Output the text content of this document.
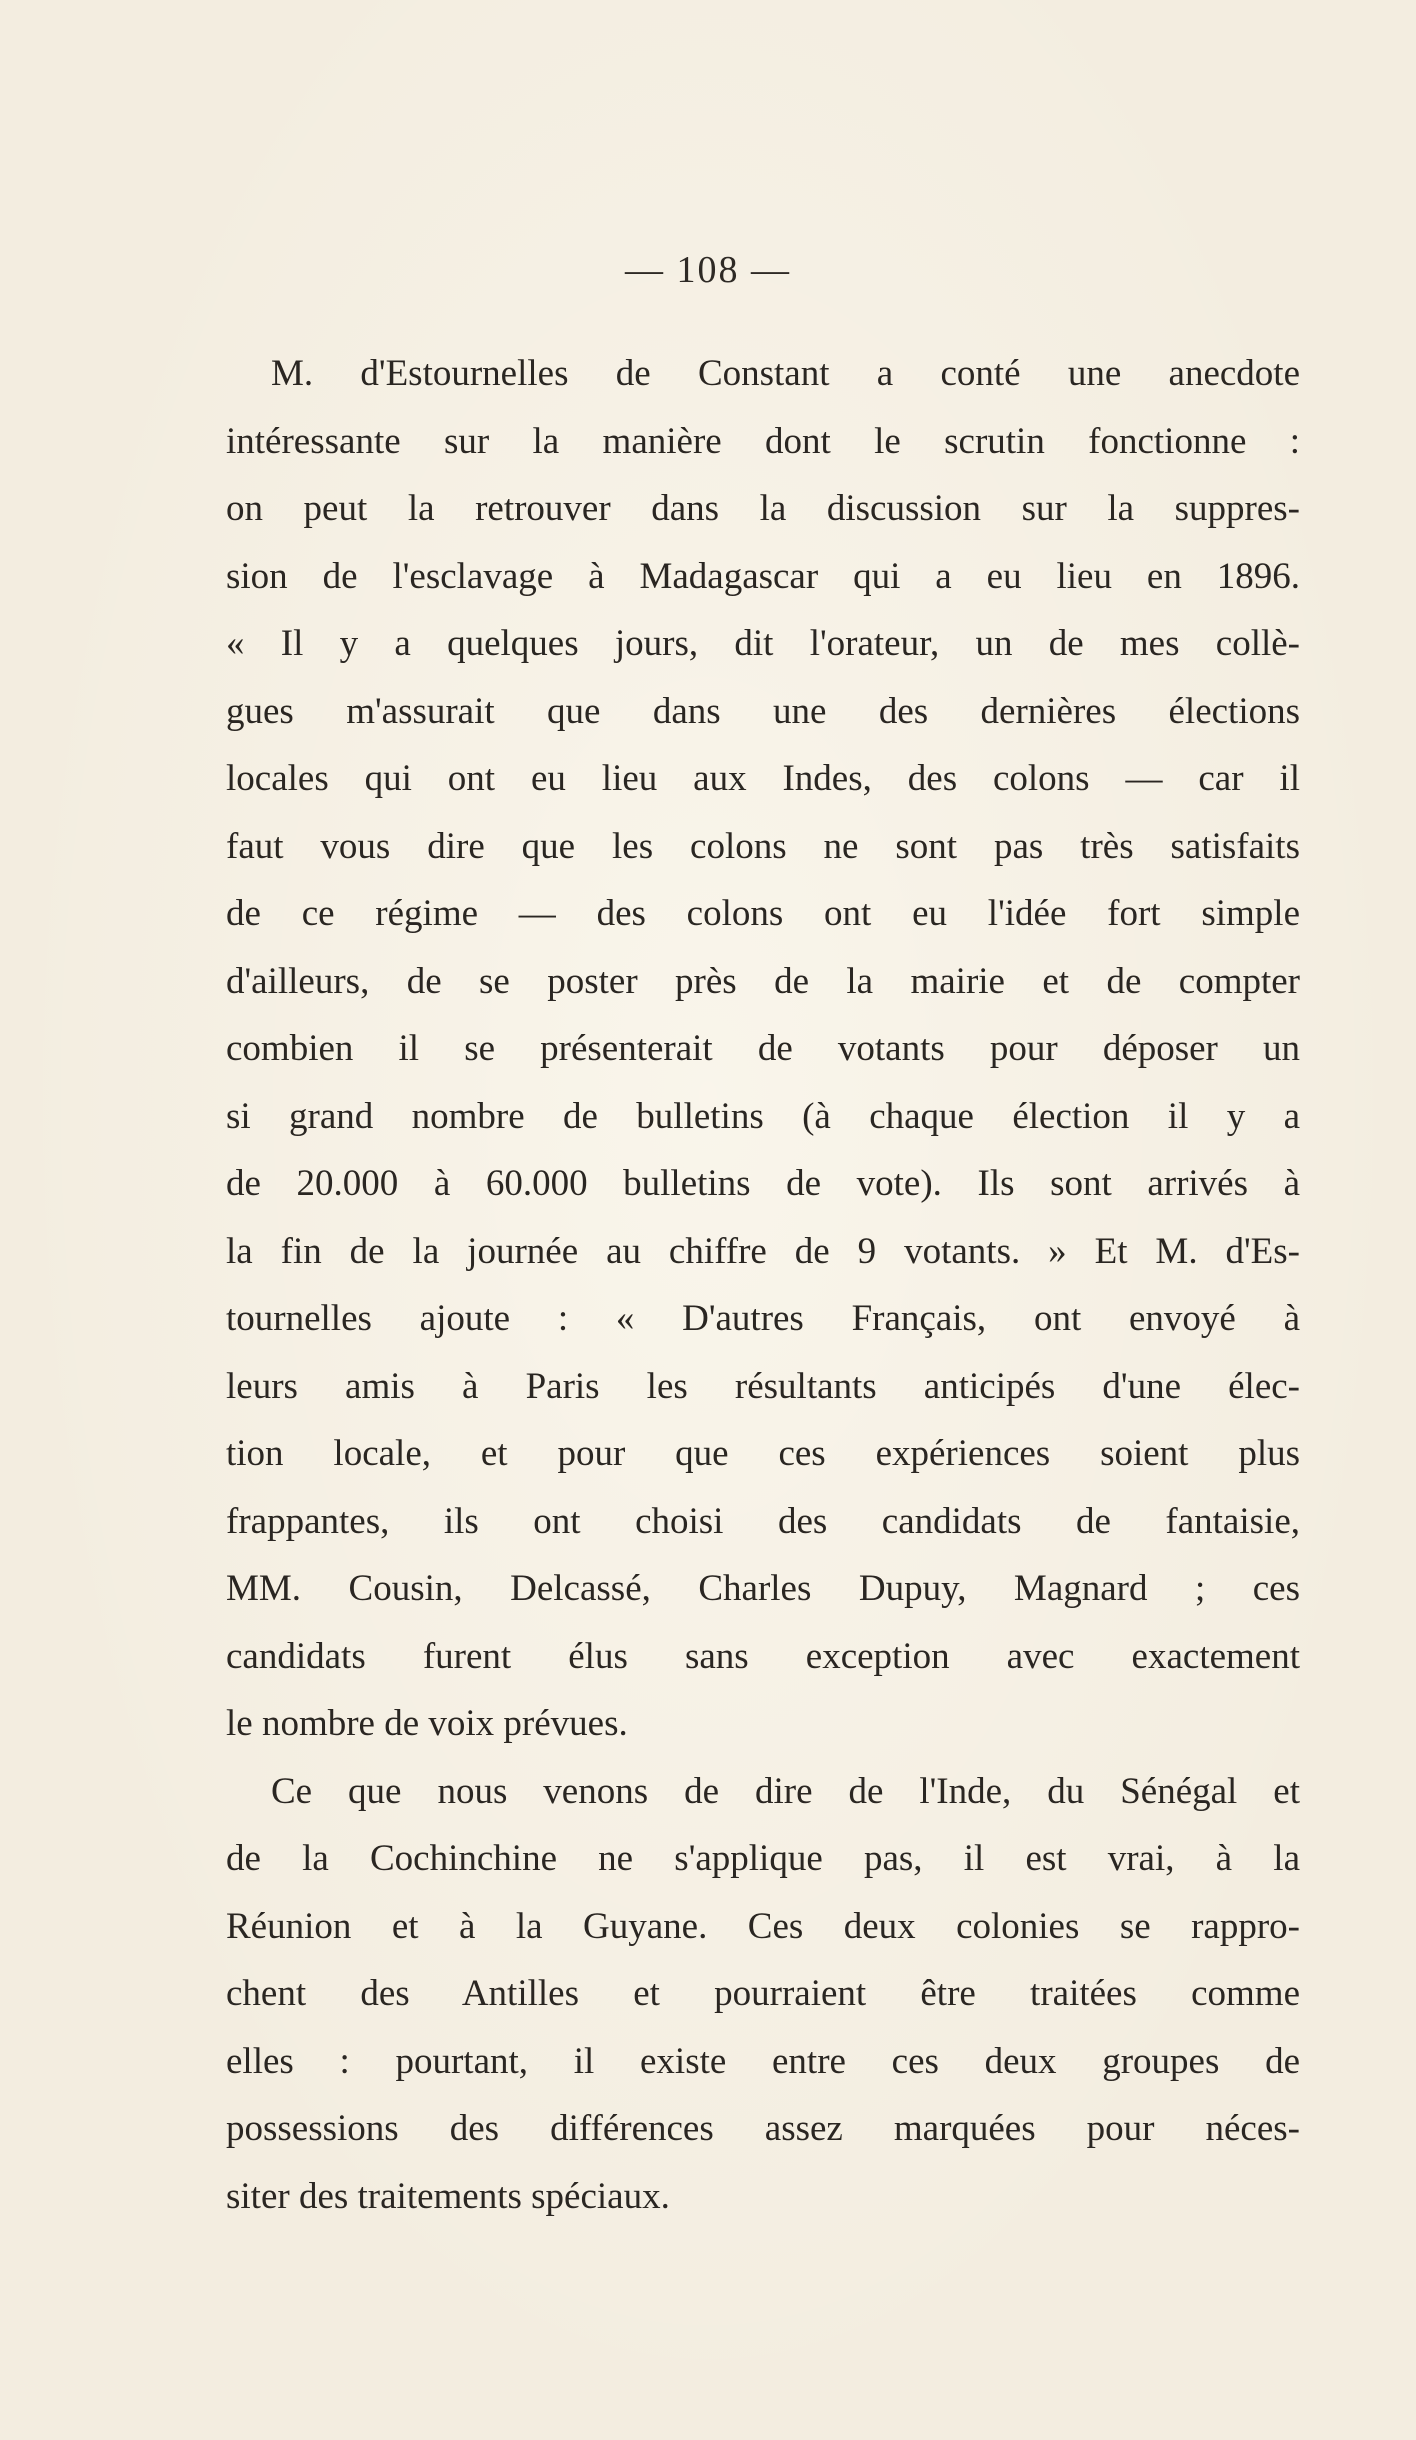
— 108 —
M. d'Estournelles de Constant a conté une anecdote
intéressante sur la manière dont le scrutin fonctionne :
on peut la retrouver dans la discussion sur la suppres-
sion de l'esclavage à Madagascar qui a eu lieu en 1896.
« Il y a quelques jours, dit l'orateur, un de mes collè-
gues m'assurait que dans une des dernières élections
locales qui ont eu lieu aux Indes, des colons — car il
faut vous dire que les colons ne sont pas très satisfaits
de ce régime — des colons ont eu l'idée fort simple
d'ailleurs, de se poster près de la mairie et de compter
combien il se présenterait de votants pour déposer un
si grand nombre de bulletins (à chaque élection il y a
de 20.000 à 60.000 bulletins de vote). Ils sont arrivés à
la fin de la journée au chiffre de 9 votants. » Et M. d'Es-
tournelles ajoute : « D'autres Français, ont envoyé à
leurs amis à Paris les résultants anticipés d'une élec-
tion locale, et pour que ces expériences soient plus
frappantes, ils ont choisi des candidats de fantaisie,
MM. Cousin, Delcassé, Charles Dupuy, Magnard ; ces
candidats furent élus sans exception avec exactement
le nombre de voix prévues.
Ce que nous venons de dire de l'Inde, du Sénégal et
de la Cochinchine ne s'applique pas, il est vrai, à la
Réunion et à la Guyane. Ces deux colonies se rappro-
chent des Antilles et pourraient être traitées comme
elles : pourtant, il existe entre ces deux groupes de
possessions des différences assez marquées pour néces-
siter des traitements spéciaux.
